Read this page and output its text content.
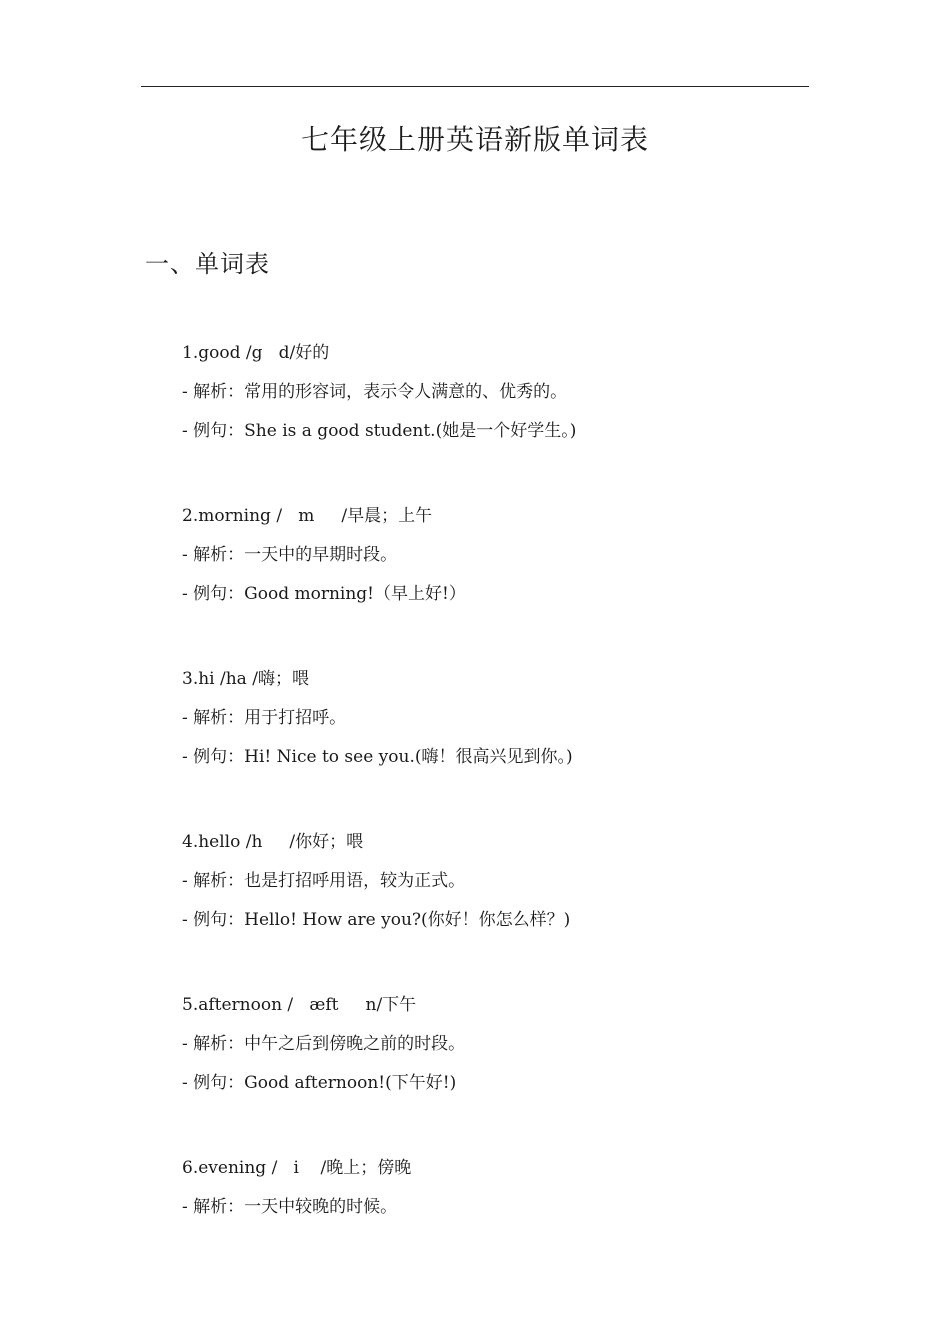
七年级上册英语新版单词表
一、单词表
1.good /g   d/好的
- 解析：常用的形容词，表示令人满意的、优秀的。
- 例句：She is a good student.(她是一个好学生。)
2.morning /   m     /早晨；上午
- 解析：一天中的早期时段。
- 例句：Good morning!（早上好!）
3.hi /ha /嗨；喂
- 解析：用于打招呼。
- 例句：Hi! Nice to see you.(嗨！很高兴见到你。)
4.hello /h     /你好；喂
- 解析：也是打招呼用语，较为正式。
- 例句：Hello! How are you?(你好！你怎么样？)
5.afternoon /   æft     n/下午
- 解析：中午之后到傍晚之前的时段。
- 例句：Good afternoon!(下午好!)
6.evening /   i    /晚上；傍晚
- 解析：一天中较晚的时候。
